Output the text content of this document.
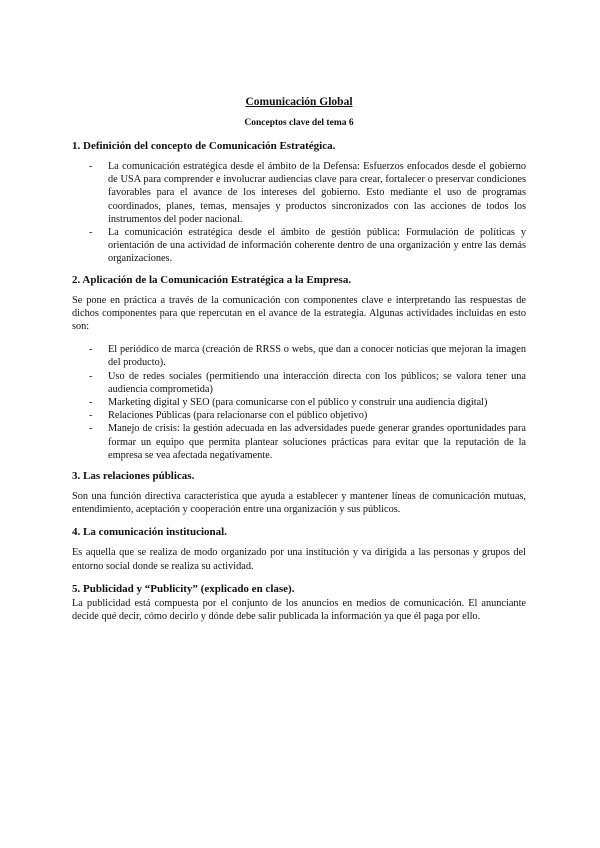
Comunicación Global
Conceptos clave del tema 6
1. Definición del concepto de Comunicación Estratégica.
- La comunicación estratégica desde el ámbito de la Defensa: Esfuerzos enfocados desde el gobierno de USA para comprender e involucrar audiencias clave para crear, fortalecer o preservar condiciones favorables para el avance de los intereses del gobierno. Esto mediante el uso de programas coordinados, planes, temas, mensajes y productos sincronizados con las acciones de todos los instrumentos del poder nacional.
- La comunicación estratégica desde el ámbito de gestión pública: Formulación de políticas y orientación de una actividad de información coherente dentro de una organización y entre las demás organizaciones.
2. Aplicación de la Comunicación Estratégica a la Empresa.

Se pone en práctica a través de la comunicación con componentes clave e interpretando las respuestas de dichos componentes para que repercutan en el avance de la estrategia. Algunas actividades incluidas en esto son:

- El periódico de marca (creación de RRSS o webs, que dan a conocer noticias que mejoran la imagen del producto).
- Uso de redes sociales (permitiendo una interacción directa con los públicos; se valora tener una audiencia comprometida)
- Marketing digital y SEO (para comunicarse con el público y construir una audiencia digital)
- Relaciones Públicas (para relacionarse con el público objetivo)
- Manejo de crisis: la gestión adecuada en las adversidades puede generar grandes oportunidades para formar un equipo que permita plantear soluciones prácticas para evitar que la reputación de la empresa se vea afectada negativamente.
3. Las relaciones públicas.

Son una función directiva característica que ayuda a establecer y mantener líneas de comunicación mutuas, entendimiento, aceptación y cooperación entre una organización y sus públicos.

4. La comunicación institucional.

Es aquella que se realiza de modo organizado por una institución y va dirigida a las personas y grupos del entorno social donde se realiza su actividad.

5. Publicidad y “Publicity” (explicado en clase).

La publicidad está compuesta por el conjunto de los anuncios en medios de comunicación. El anunciante decide qué decir, cómo decirlo y dónde debe salir publicada la información ya que él paga por ello.
